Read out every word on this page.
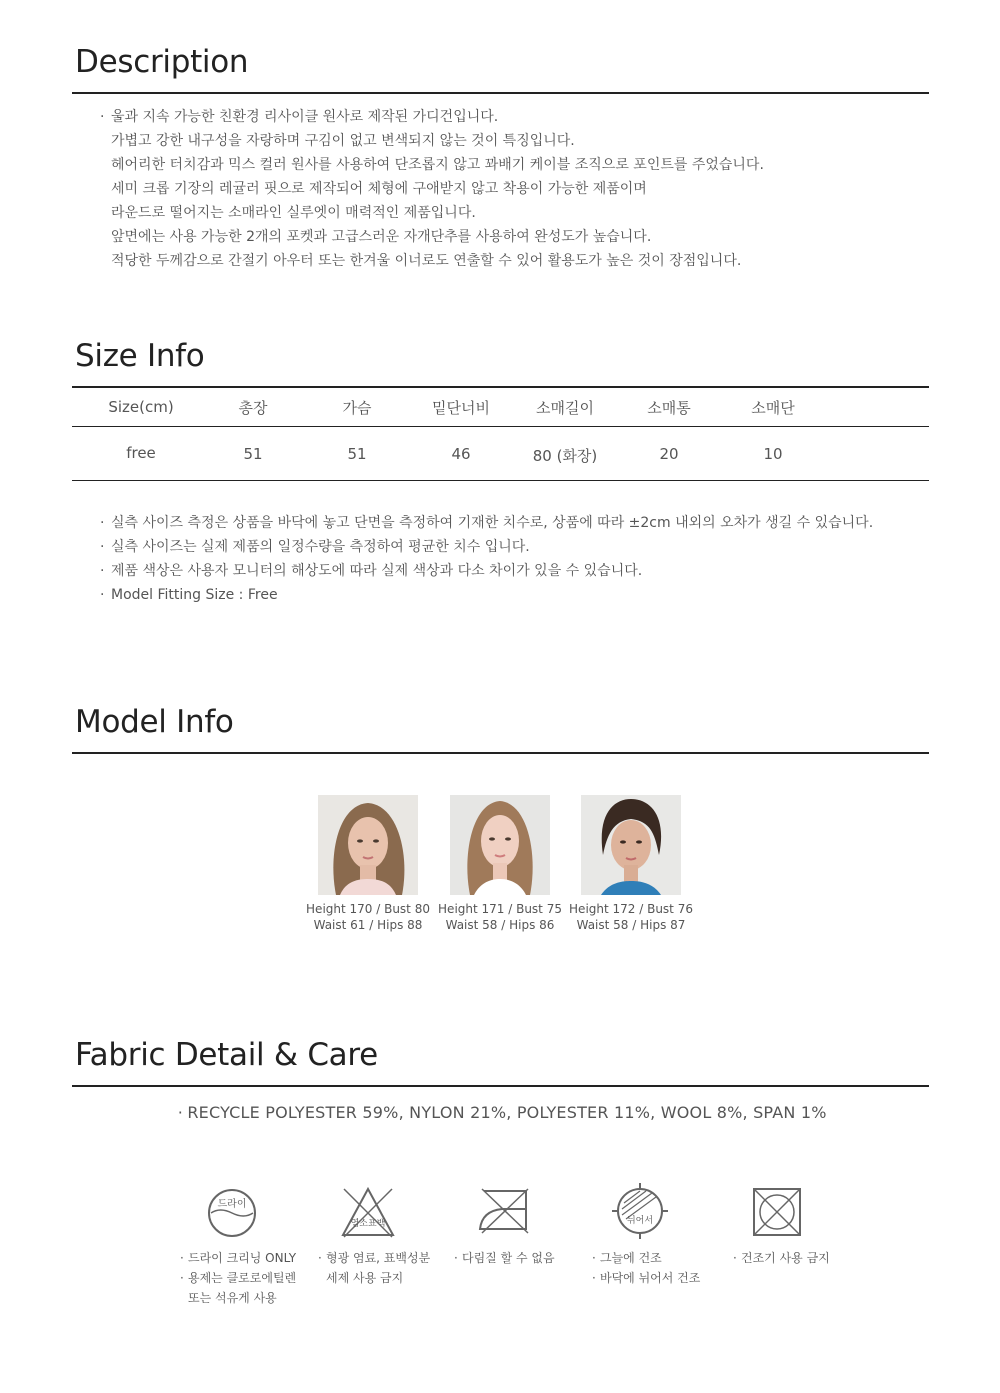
Description
· 울과 지속 가능한 친환경 리사이클 원사로 제작된 가디건입니다.
가볍고 강한 내구성을 자랑하며 구김이 없고 변색되지 않는 것이 특징입니다.
헤어리한 터치감과 믹스 컬러 원사를 사용하여 단조롭지 않고 꽈배기 케이블 조직으로 포인트를 주었습니다.
세미 크롭 기장의 레귤러 핏으로 제작되어 체형에 구애받지 않고 착용이 가능한 제품이며
라운드로 떨어지는 소매라인 실루엣이 매력적인 제품입니다.
앞면에는 사용 가능한 2개의 포켓과 고급스러운 자개단추를 사용하여 완성도가 높습니다.
적당한 두께감으로 간절기 아우터 또는 한겨울 이너로도 연출할 수 있어 활용도가 높은 것이 장점입니다.
Size Info
Size(cm)	총장	가슴	밑단너비	소매길이	소매통	소매단
free	51	51	46	80 (화장)	20	10
· 실측 사이즈 측정은 상품을 바닥에 놓고 단면을 측정하여 기재한 치수로, 상품에 따라 ±2cm 내외의 오차가 생길 수 있습니다.
· 실측 사이즈는 실제 제품의 일정수량을 측정하여 평균한 치수 입니다.
· 제품 색상은 사용자 모니터의 해상도에 따라 실제 색상과 다소 차이가 있을 수 있습니다.
· Model Fitting Size : Free
Model Info
Height 170 / Bust 80
Waist 61 / Hips 88
Height 171 / Bust 75
Waist 58 / Hips 86
Height 172 / Bust 76
Waist 58 / Hips 87
Fabric Detail & Care
· RECYCLE POLYESTER 59%, NYLON 21%, POLYESTER 11%, WOOL 8%, SPAN 1%
드라이
염소표백	뉘어서
· 드라이 크리닝 ONLY
· 용제는 클로로에틸렌
또는 석유게 사용
· 형광 염료, 표백성분
세제 사용 금지
· 다림질 할 수 없음	· 그늘에 건조
· 바닥에 뉘어서 건조
· 건조기 사용 금지
